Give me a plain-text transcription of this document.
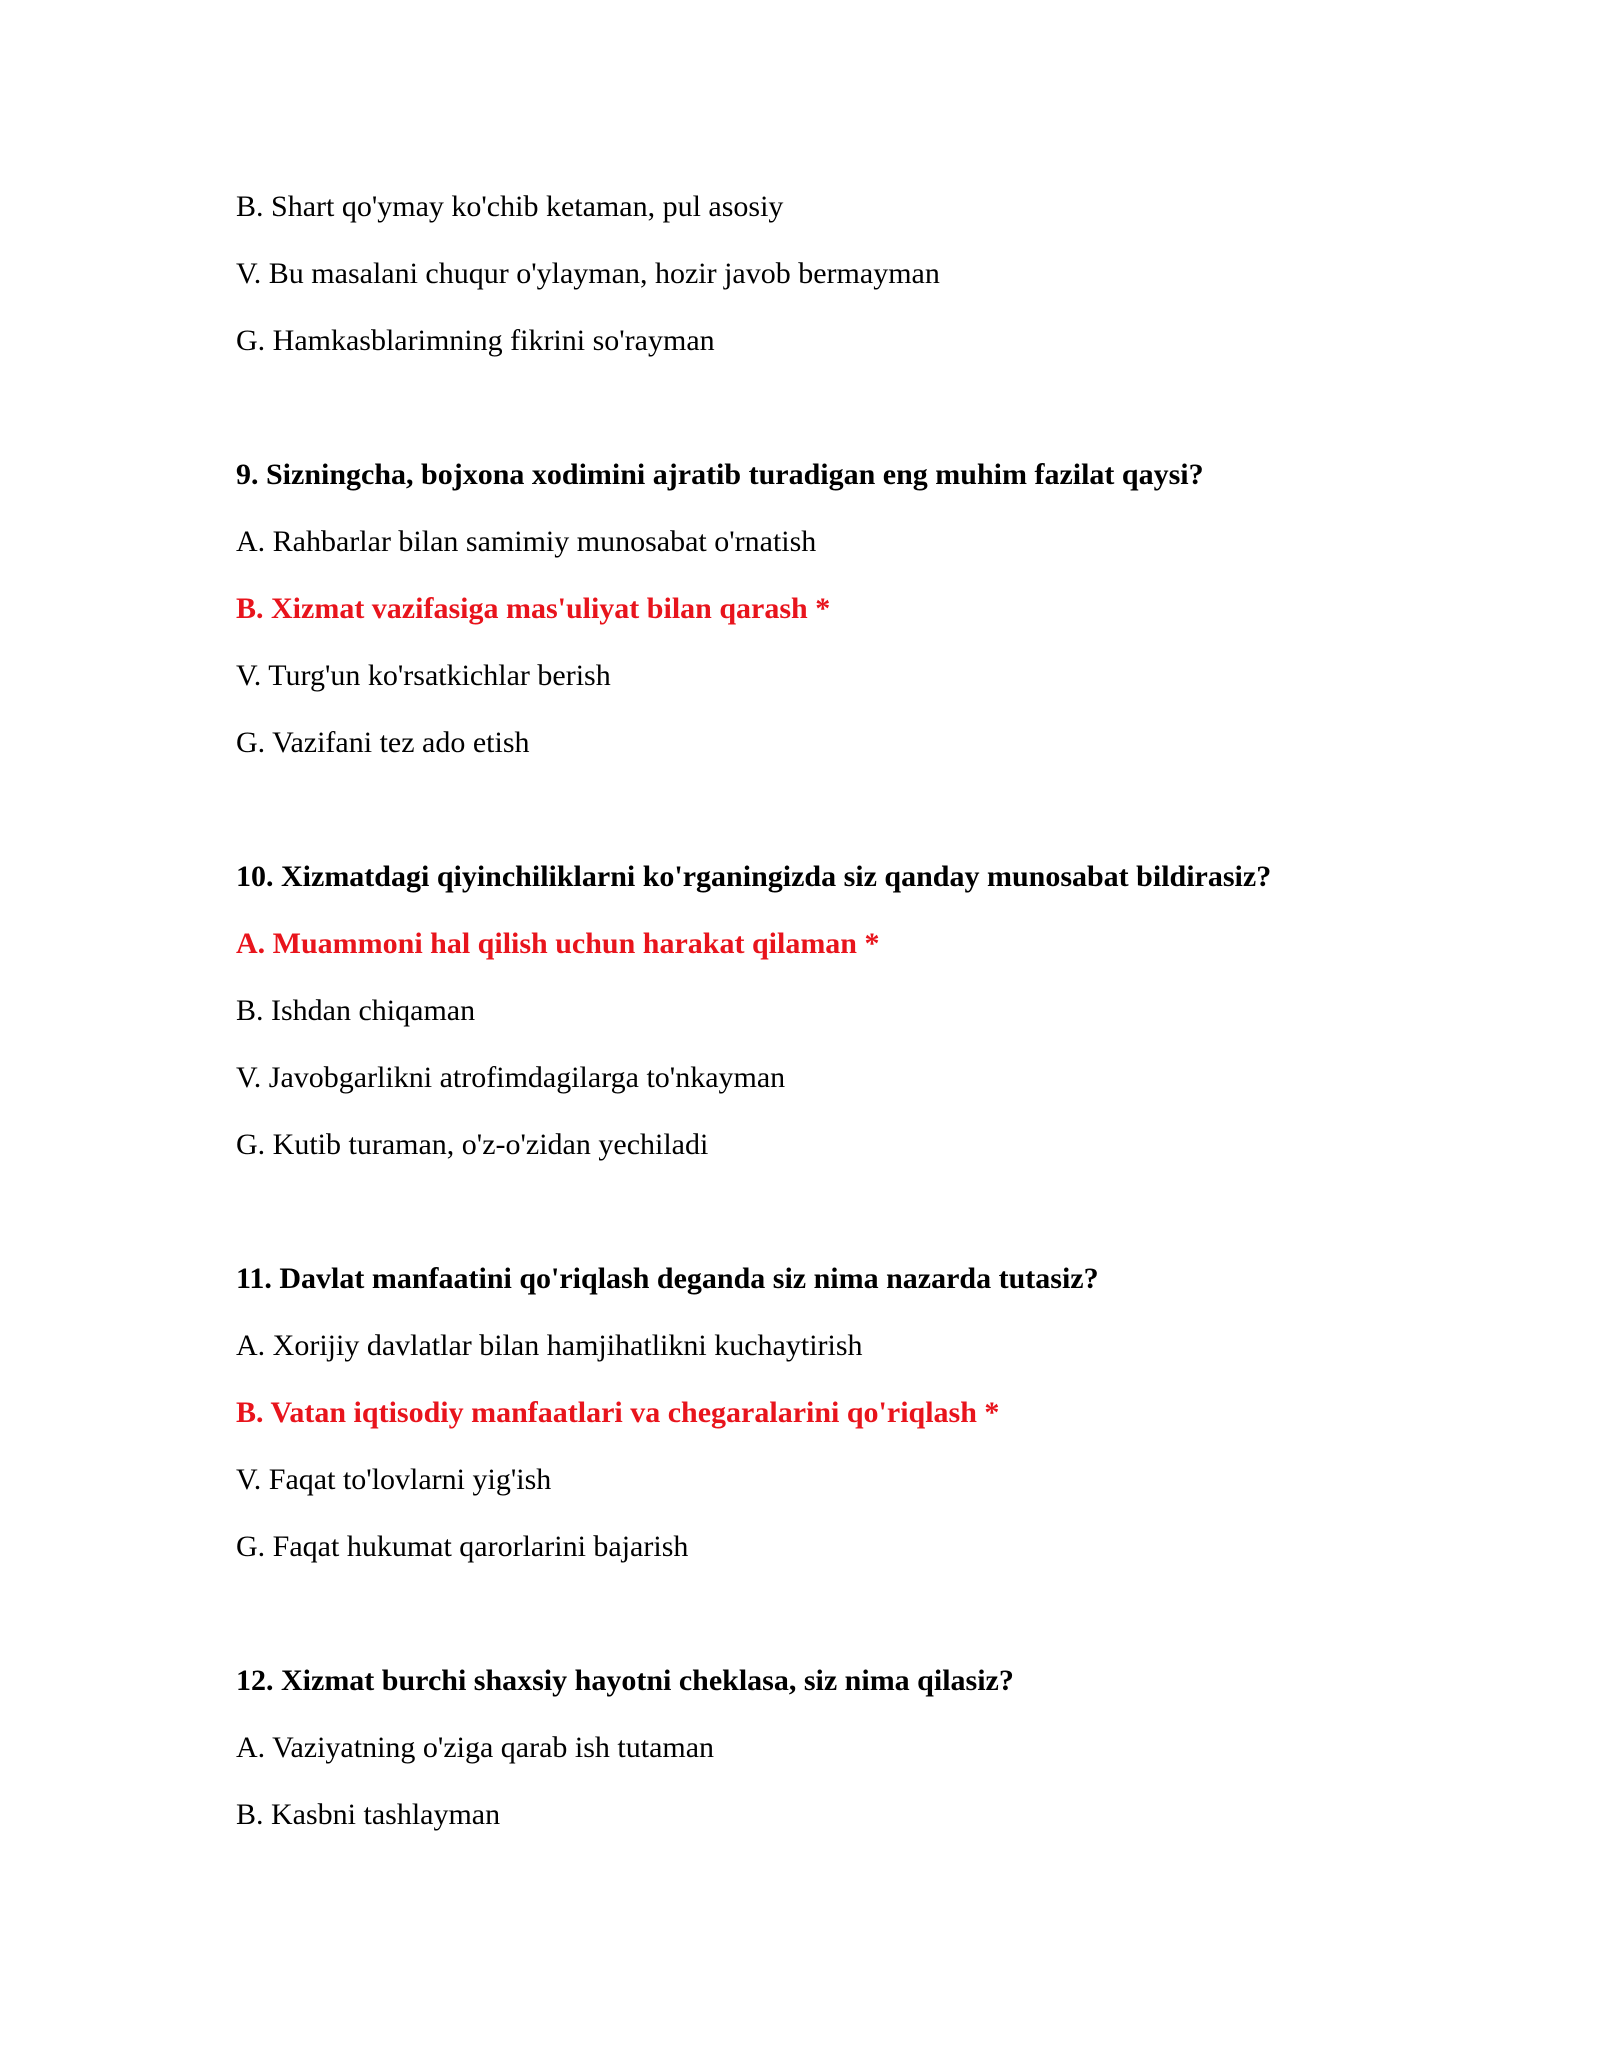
B. Shart qo'ymay ko'chib ketaman, pul asosiy

V. Bu masalani chuqur o'ylayman, hozir javob bermayman

G. Hamkasblarimning fikrini so'rayman

9. Sizningcha, bojxona xodimini ajratib turadigan eng muhim fazilat qaysi?

A. Rahbarlar bilan samimiy munosabat o'rnatish

B. Xizmat vazifasiga mas'uliyat bilan qarash *

V. Turg'un ko'rsatkichlar berish

G. Vazifani tez ado etish

10. Xizmatdagi qiyinchiliklarni ko'rganingizda siz qanday munosabat bildirasiz?

A. Muammoni hal qilish uchun harakat qilaman *

B. Ishdan chiqaman

V. Javobgarlikni atrofimdagilarga to'nkayman

G. Kutib turaman, o'z-o'zidan yechiladi

11. Davlat manfaatini qo'riqlash deganda siz nima nazarda tutasiz?

A. Xorijiy davlatlar bilan hamjihatlikni kuchaytirish

B. Vatan iqtisodiy manfaatlari va chegaralarini qo'riqlash *

V. Faqat to'lovlarni yig'ish

G. Faqat hukumat qarorlarini bajarish

12. Xizmat burchi shaxsiy hayotni cheklasa, siz nima qilasiz?

A. Vaziyatning o'ziga qarab ish tutaman

B. Kasbni tashlayman
